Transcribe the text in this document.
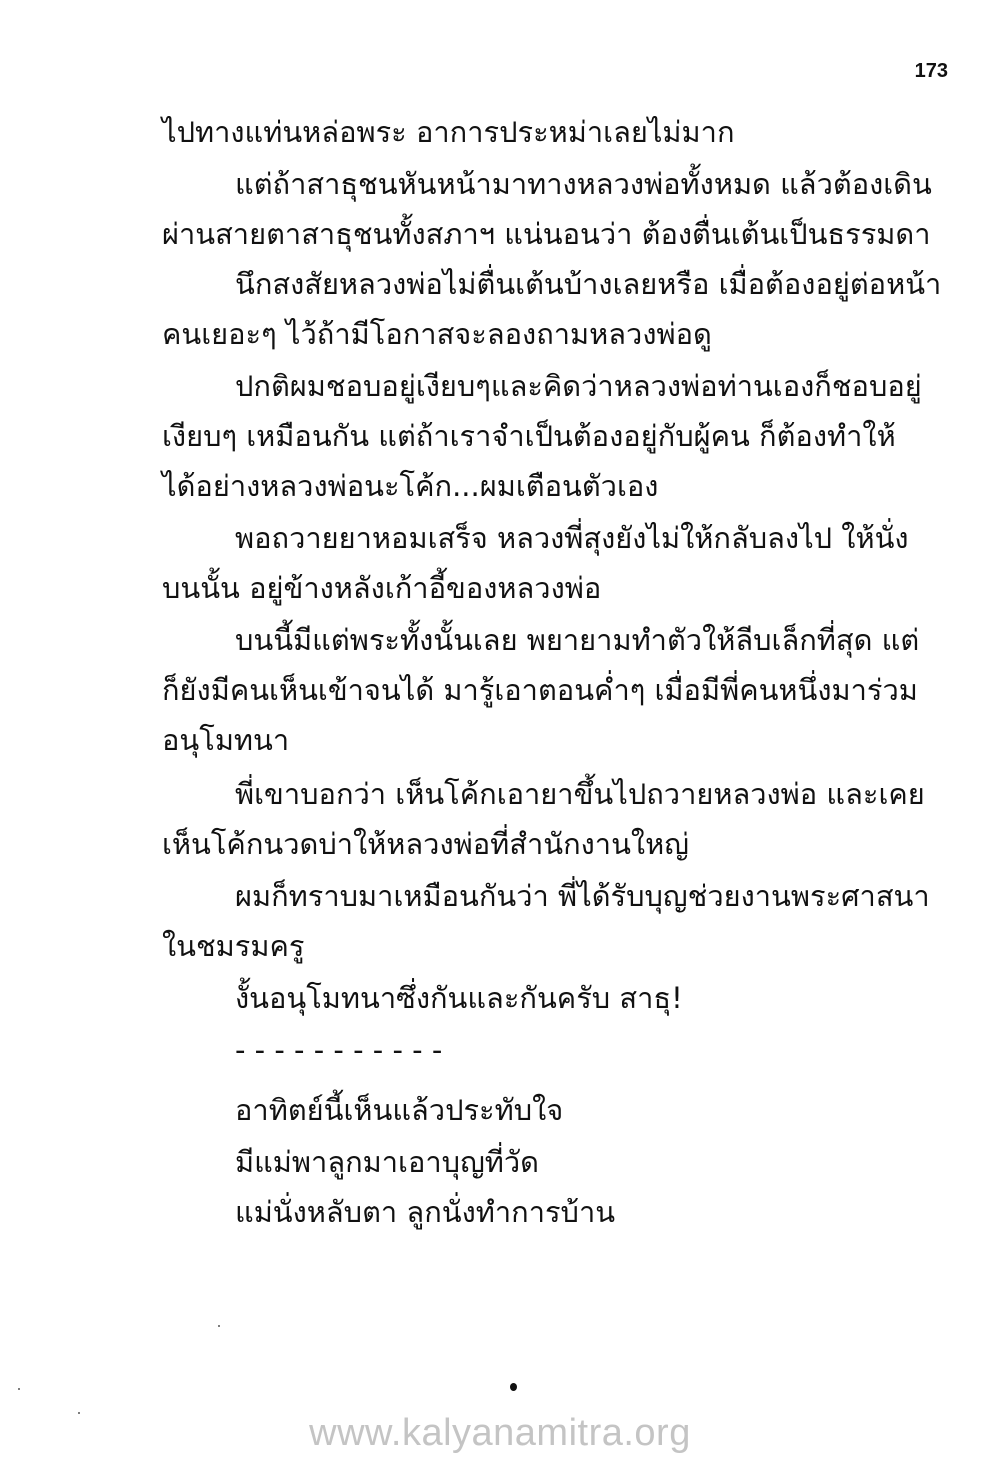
173
ไปทางแท่นหล่อพระ อาการประหม่าเลยไม่มาก
แต่ถ้าสาธุชนหันหน้ามาทางหลวงพ่อทั้งหมด แล้วต้องเดิน
ผ่านสายตาสาธุชนทั้งสภาฯ แน่นอนว่า ต้องตื่นเต้นเป็นธรรมดา
นึกสงสัยหลวงพ่อไม่ตื่นเต้นบ้างเลยหรือ เมื่อต้องอยู่ต่อหน้า
คนเยอะๆ ไว้ถ้ามีโอกาสจะลองถามหลวงพ่อดู
ปกติผมชอบอยู่เงียบๆและคิดว่าหลวงพ่อท่านเองก็ชอบอยู่
เงียบๆ เหมือนกัน แต่ถ้าเราจำเป็นต้องอยู่กับผู้คน ก็ต้องทำให้
ได้อย่างหลวงพ่อนะโค้ก...ผมเตือนตัวเอง
พอถวายยาหอมเสร็จ หลวงพี่สุงยังไม่ให้กลับลงไป ให้นั่ง
บนนั้น อยู่ข้างหลังเก้าอี้ของหลวงพ่อ
บนนี้มีแต่พระทั้งนั้นเลย พยายามทำตัวให้ลีบเล็กที่สุด แต่
ก็ยังมีคนเห็นเข้าจนได้ มารู้เอาตอนค่ำๆ เมื่อมีพี่คนหนึ่งมาร่วม
อนุโมทนา
พี่เขาบอกว่า เห็นโค้กเอายาขึ้นไปถวายหลวงพ่อ และเคย
เห็นโค้กนวดบ่าให้หลวงพ่อที่สำนักงานใหญ่
ผมก็ทราบมาเหมือนกันว่า พี่ได้รับบุญช่วยงานพระศาสนา
ในชมรมครู
งั้นอนุโมทนาซึ่งกันและกันครับ สาธุ!
- - - - - - - - - - -
อาทิตย์นี้เห็นแล้วประทับใจ
มีแม่พาลูกมาเอาบุญที่วัด
แม่นั่งหลับตา ลูกนั่งทำการบ้าน
www.kalyanamitra.org
